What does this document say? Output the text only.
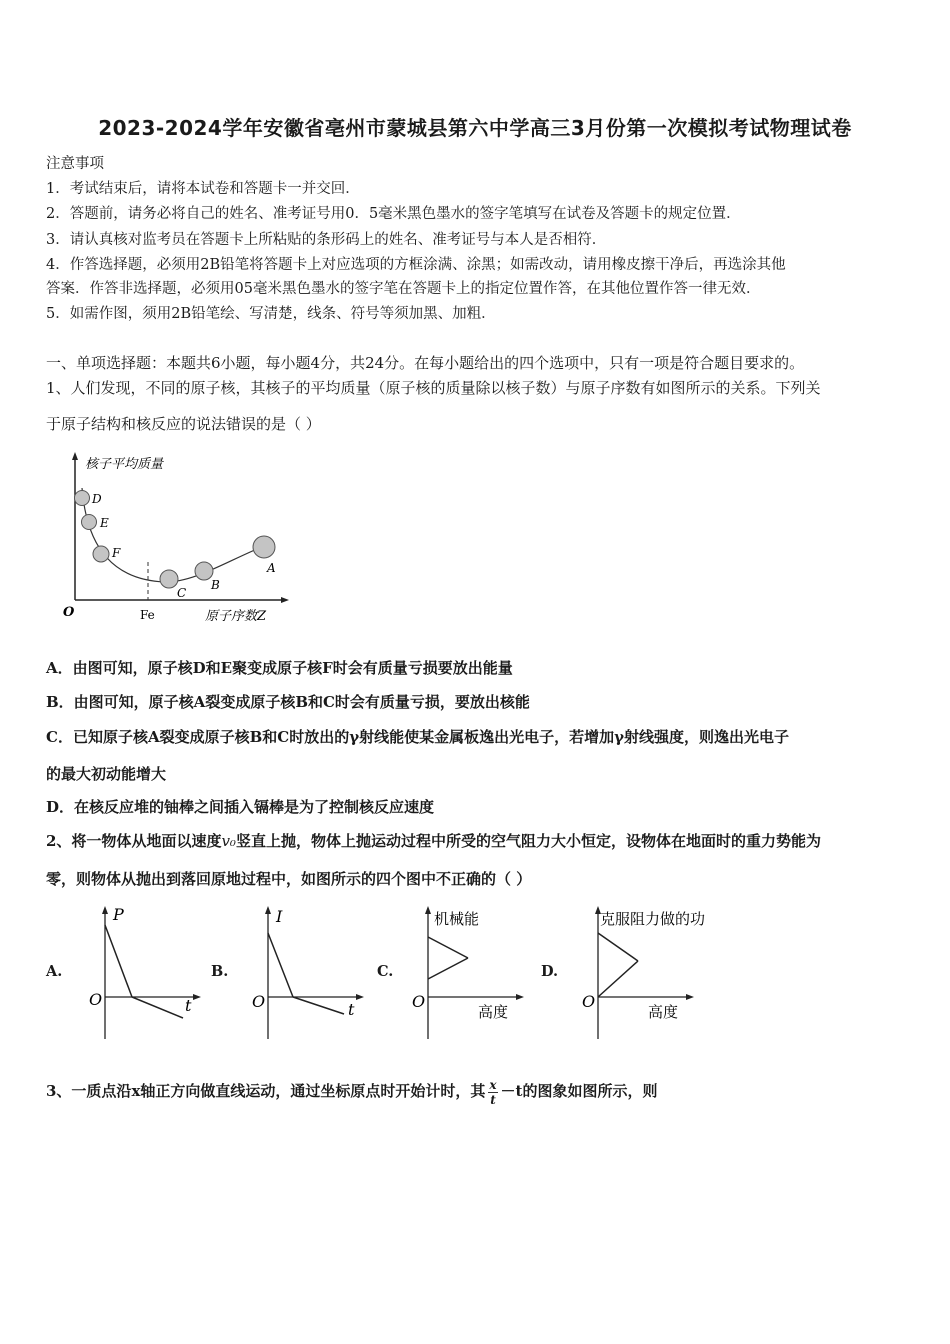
2023-2024学年安徽省亳州市蒙城县第六中学高三3月份第一次模拟考试物理试卷
注意事项
1．考试结束后，请将本试卷和答题卡一并交回．
2．答题前，请务必将自己的姓名、准考证号用0．5毫米黑色墨水的签字笔填写在试卷及答题卡的规定位置．
3．请认真核对监考员在答题卡上所粘贴的条形码上的姓名、准考证号与本人是否相符．
4．作答选择题，必须用2B铅笔将答题卡上对应选项的方框涂满、涂黑；如需改动，请用橡皮擦干净后，再选涂其他
答案．作答非选择题，必须用05毫米黑色墨水的签字笔在答题卡上的指定位置作答，在其他位置作答一律无效．
5．如需作图，须用2B铅笔绘、写清楚，线条、符号等须加黑、加粗．
一、单项选择题：本题共6小题，每小题4分，共24分。在每小题给出的四个选项中，只有一项是符合题目要求的。
1、人们发现，不同的原子核，其核子的平均质量（原子核的质量除以核子数）与原子序数有如图所示的关系。下列关
于原子结构和核反应的说法错误的是（ ）
核子平均质量
原子序数Z
O	Fe
D
E
F
C
B
A
A．由图可知，原子核D和E聚变成原子核F时会有质量亏损要放出能量
B．由图可知，原子核A裂变成原子核B和C时会有质量亏损，要放出核能
C．已知原子核A裂变成原子核B和C时放出的γ射线能使某金属板逸出光电子，若增加γ射线强度，则逸出光电子
的最大初动能增大
D．在核反应堆的铀棒之间插入镉棒是为了控制核反应速度
2、将一物体从地面以速度v₀竖直上抛，物体上抛运动过程中所受的空气阻力大小恒定，设物体在地面时的重力势能为
零，则物体从抛出到落回原地过程中，如图所示的四个图中不正确的（ ）
A.
P
t
O
B.
I
t
O
C.
机械能
高度
O
D.
克服阻力做的功
高度
O
3、一质点沿x轴正方向做直线运动，通过坐标原点时开始计时，其 $\frac{x}{t} -t$的图象如图所示，则
